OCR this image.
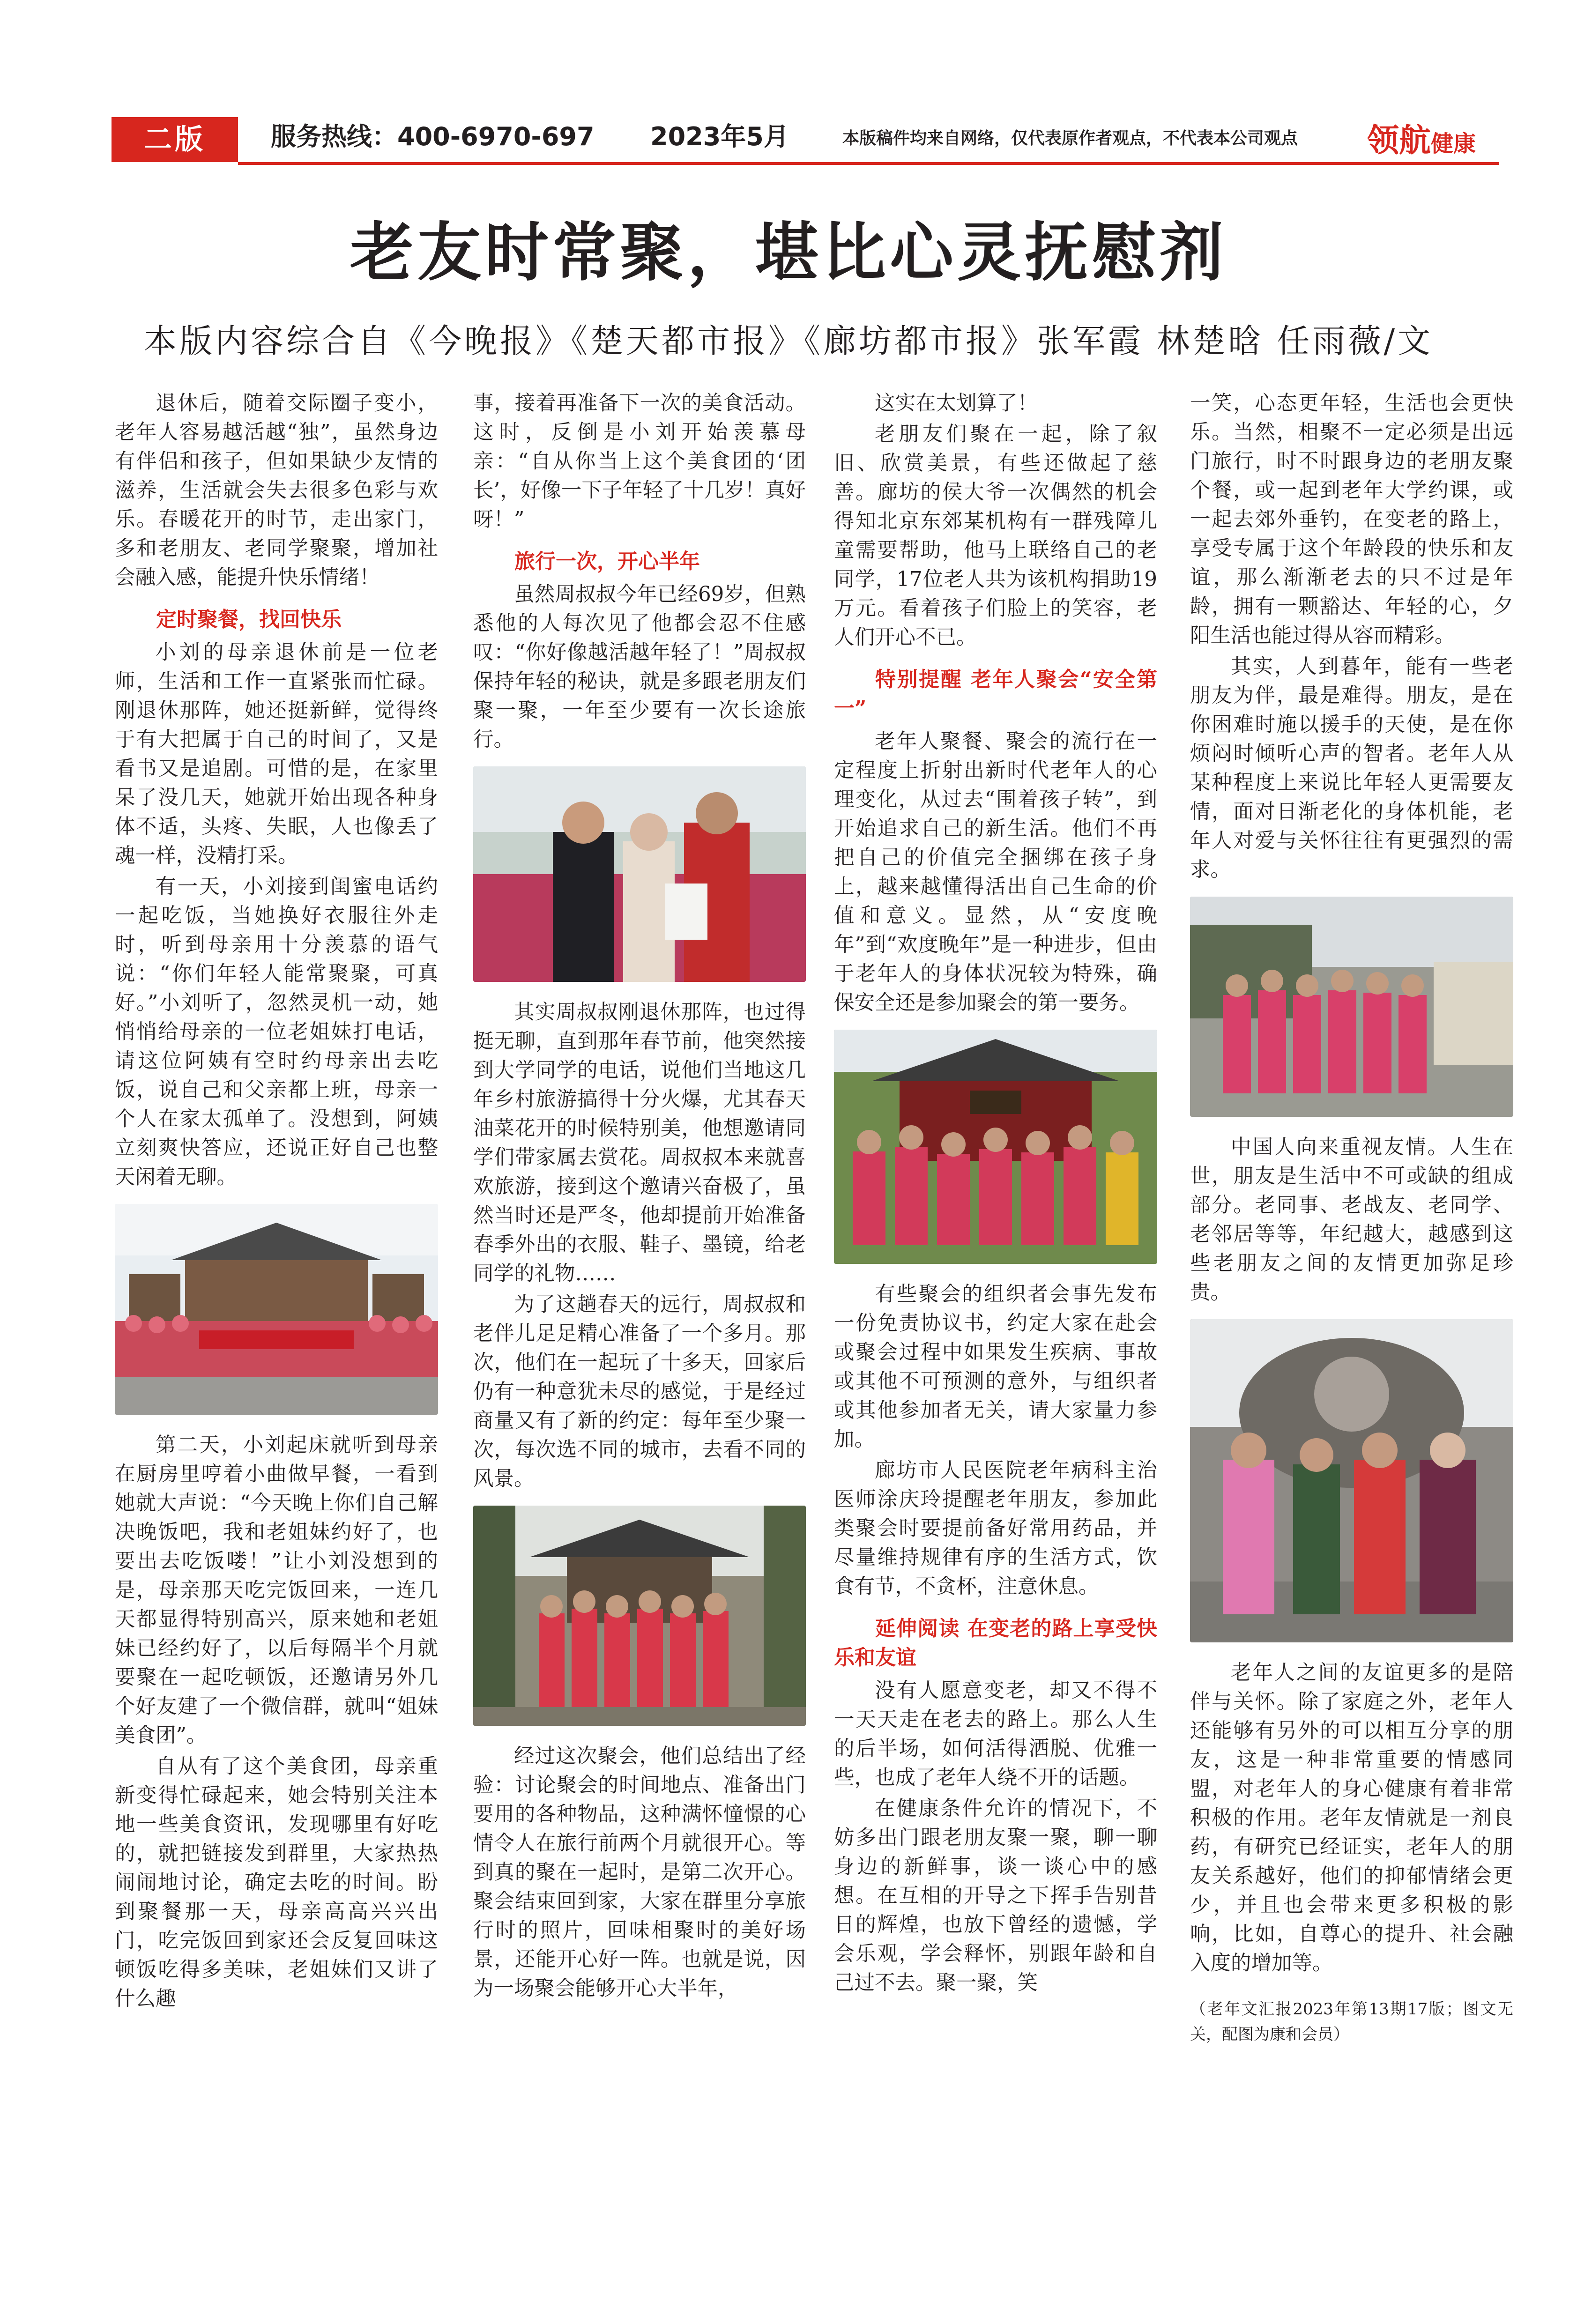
二版	服务热线：400-6970-697 2023年5月	本版稿件均来自网络，仅代表原作者观点，不代表本公司观点 领航健康
老友时常聚，堪比心灵抚慰剂
本版内容综合自《今晚报》《楚天都市报》《廊坊都市报》张军霞 林楚晗 任雨薇/文

退休后，随着交际圈子变小，老年人容易越活越“独”，虽然身边有伴侣和孩子，但如果缺少友情的滋养，生活就会失去很多色彩与欢乐。春暖花开的时节，走出家门，多和老朋友、老同学聚聚，增加社会融入感，能提升快乐情绪！

定时聚餐，找回快乐

小刘的母亲退休前是一位老师，生活和工作一直紧张而忙碌。刚退休那阵，她还挺新鲜，觉得终于有大把属于自己的时间了，又是看书又是追剧。可惜的是，在家里呆了没几天，她就开始出现各种身体不适，头疼、失眠，人也像丢了魂一样，没精打采。

有一天，小刘接到闺蜜电话约一起吃饭，当她换好衣服往外走时，听到母亲用十分羡慕的语气说：“你们年轻人能常聚聚，可真好。”小刘听了，忽然灵机一动，她悄悄给母亲的一位老姐妹打电话，请这位阿姨有空时约母亲出去吃饭，说自己和父亲都上班，母亲一个人在家太孤单了。没想到，阿姨立刻爽快答应，还说正好自己也整天闲着无聊。

第二天，小刘起床就听到母亲在厨房里哼着小曲做早餐，一看到她就大声说：“今天晚上你们自己解决晚饭吧，我和老姐妹约好了，也要出去吃饭喽！”让小刘没想到的是，母亲那天吃完饭回来，一连几天都显得特别高兴，原来她和老姐妹已经约好了，以后每隔半个月就要聚在一起吃顿饭，还邀请另外几个好友建了一个微信群，就叫“姐妹美食团”。

自从有了这个美食团，母亲重新变得忙碌起来，她会特别关注本地一些美食资讯，发现哪里有好吃的，就把链接发到群里，大家热热闹闹地讨论，确定去吃的时间。盼到聚餐那一天，母亲高高兴兴出门，吃完饭回到家还会反复回味这顿饭吃得多美味，老姐妹们又讲了什么趣

事，接着再准备下一次的美食活动。这时，反倒是小刘开始羡慕母亲：“自从你当上这个美食团的‘团长’，好像一下子年轻了十几岁！真好呀！”

旅行一次，开心半年

虽然周叔叔今年已经69岁，但熟悉他的人每次见了他都会忍不住感叹：“你好像越活越年轻了！”周叔叔保持年轻的秘诀，就是多跟老朋友们聚一聚，一年至少要有一次长途旅行。

其实周叔叔刚退休那阵，也过得挺无聊，直到那年春节前，他突然接到大学同学的电话，说他们当地这几年乡村旅游搞得十分火爆，尤其春天油菜花开的时候特别美，他想邀请同学们带家属去赏花。周叔叔本来就喜欢旅游，接到这个邀请兴奋极了，虽然当时还是严冬，他却提前开始准备春季外出的衣服、鞋子、墨镜，给老同学的礼物……

为了这趟春天的远行，周叔叔和老伴儿足足精心准备了一个多月。那次，他们在一起玩了十多天，回家后仍有一种意犹未尽的感觉，于是经过商量又有了新的约定：每年至少聚一次，每次选不同的城市，去看不同的风景。

经过这次聚会，他们总结出了经验：讨论聚会的时间地点、准备出门要用的各种物品，这种满怀憧憬的心情令人在旅行前两个月就很开心。等到真的聚在一起时，是第二次开心。聚会结束回到家，大家在群里分享旅行时的照片，回味相聚时的美好场景，还能开心好一阵。也就是说，因为一场聚会能够开心大半年，

这实在太划算了！

老朋友们聚在一起，除了叙旧、欣赏美景，有些还做起了慈善。廊坊的侯大爷一次偶然的机会得知北京东郊某机构有一群残障儿童需要帮助，他马上联络自己的老同学，17位老人共为该机构捐助19万元。看着孩子们脸上的笑容，老人们开心不已。

特别提醒 老年人聚会“安全第一”

老年人聚餐、聚会的流行在一定程度上折射出新时代老年人的心理变化，从过去“围着孩子转”，到开始追求自己的新生活。他们不再把自己的价值完全捆绑在孩子身上，越来越懂得活出自己生命的价值和意义。显然，从“安度晚年”到“欢度晚年”是一种进步，但由于老年人的身体状况较为特殊，确保安全还是参加聚会的第一要务。

有些聚会的组织者会事先发布一份免责协议书，约定大家在赴会或聚会过程中如果发生疾病、事故或其他不可预测的意外，与组织者或其他参加者无关，请大家量力参加。

廊坊市人民医院老年病科主治医师涂庆玲提醒老年朋友，参加此类聚会时要提前备好常用药品，并尽量维持规律有序的生活方式，饮食有节，不贪杯，注意休息。

延伸阅读 在变老的路上享受快乐和友谊

没有人愿意变老，却又不得不一天天走在老去的路上。那么人生的后半场，如何活得洒脱、优雅一些，也成了老年人绕不开的话题。

在健康条件允许的情况下，不妨多出门跟老朋友聚一聚，聊一聊身边的新鲜事，谈一谈心中的感想。在互相的开导之下挥手告别昔日的辉煌，也放下曾经的遗憾，学会乐观，学会释怀，别跟年龄和自己过不去。聚一聚，笑

一笑，心态更年轻，生活也会更快乐。当然，相聚不一定必须是出远门旅行，时不时跟身边的老朋友聚个餐，或一起到老年大学约课，或一起去郊外垂钓，在变老的路上，享受专属于这个年龄段的快乐和友谊，那么渐渐老去的只不过是年龄，拥有一颗豁达、年轻的心，夕阳生活也能过得从容而精彩。

其实，人到暮年，能有一些老朋友为伴，最是难得。朋友，是在你困难时施以援手的天使，是在你烦闷时倾听心声的智者。老年人从某种程度上来说比年轻人更需要友情，面对日渐老化的身体机能，老年人对爱与关怀往往有更强烈的需求。

中国人向来重视友情。人生在世，朋友是生活中不可或缺的组成部分。老同事、老战友、老同学、老邻居等等，年纪越大，越感到这些老朋友之间的友情更加弥足珍贵。

老年人之间的友谊更多的是陪伴与关怀。除了家庭之外，老年人还能够有另外的可以相互分享的朋友，这是一种非常重要的情感同盟，对老年人的身心健康有着非常积极的作用。老年友情就是一剂良药，有研究已经证实，老年人的朋友关系越好，他们的抑郁情绪会更少，并且也会带来更多积极的影响，比如，自尊心的提升、社会融入度的增加等。

（老年文汇报2023年第13期17版；图文无关，配图为康和会员）
